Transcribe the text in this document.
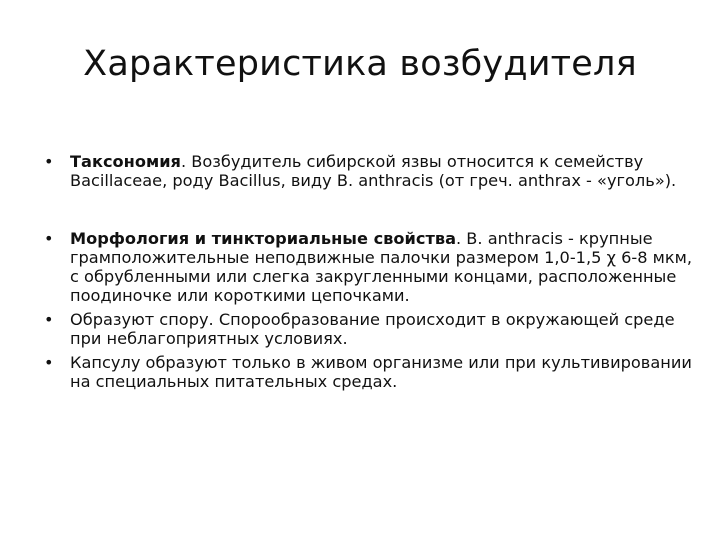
Характеристика возбудителя

• Таксономия. Возбудитель сибирской язвы относится к семейству Bacillaceae, роду Bacillus, виду B. anthracis (от греч. anthrax - «уголь»).

• Морфология и тинкториальные свойства. B. anthracis - крупные грамположительные неподвижные палочки размером 1,0-1,5 χ 6-8 мкм, с обрубленными или слегка закругленными концами, расположенные поодиночке или короткими цепочками.

• Образуют спору. Спорообразование происходит в окружающей среде при неблагоприятных условиях.

• Капсулу образуют только в живом организме или при культивировании на специальных питательных средах.
